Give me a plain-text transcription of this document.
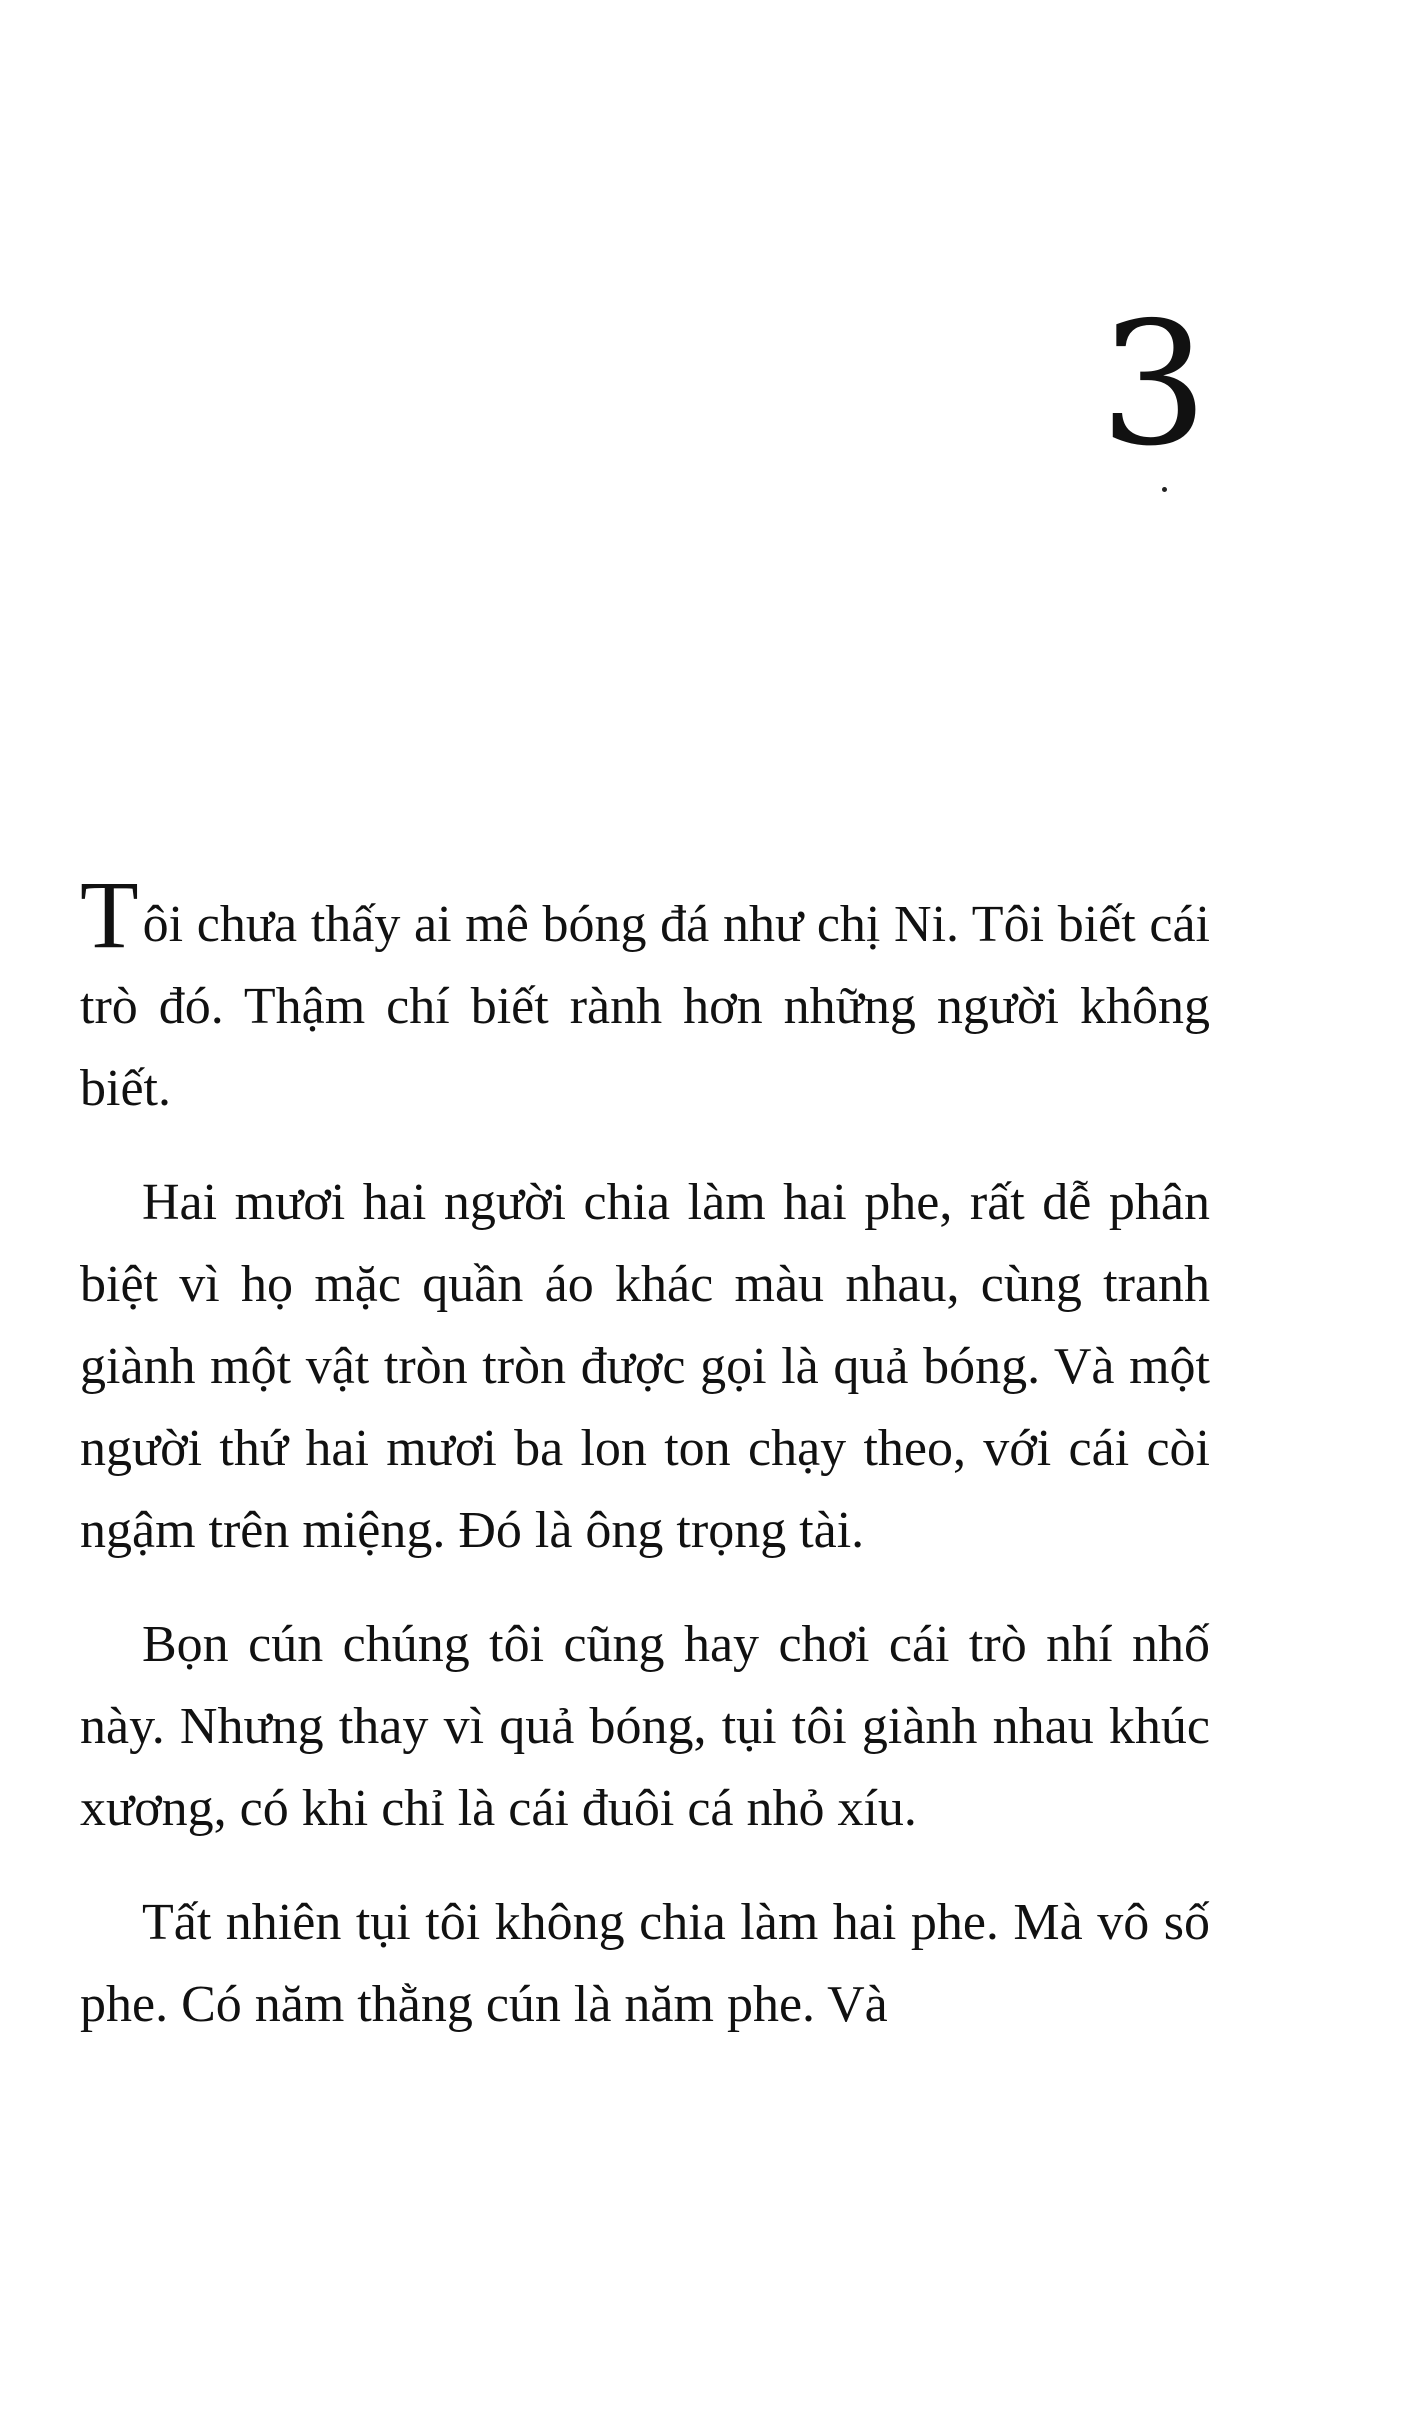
3

Tôi chưa thấy ai mê bóng đá như chị Ni. Tôi biết cái trò đó. Thậm chí biết rành hơn những người không biết.

Hai mươi hai người chia làm hai phe, rất dễ phân biệt vì họ mặc quần áo khác màu nhau, cùng tranh giành một vật tròn tròn được gọi là quả bóng. Và một người thứ hai mươi ba lon ton chạy theo, với cái còi ngậm trên miệng. Đó là ông trọng tài.

Bọn cún chúng tôi cũng hay chơi cái trò nhí nhố này. Nhưng thay vì quả bóng, tụi tôi giành nhau khúc xương, có khi chỉ là cái đuôi cá nhỏ xíu.

Tất nhiên tụi tôi không chia làm hai phe. Mà vô số phe. Có năm thằng cún là năm phe. Và
